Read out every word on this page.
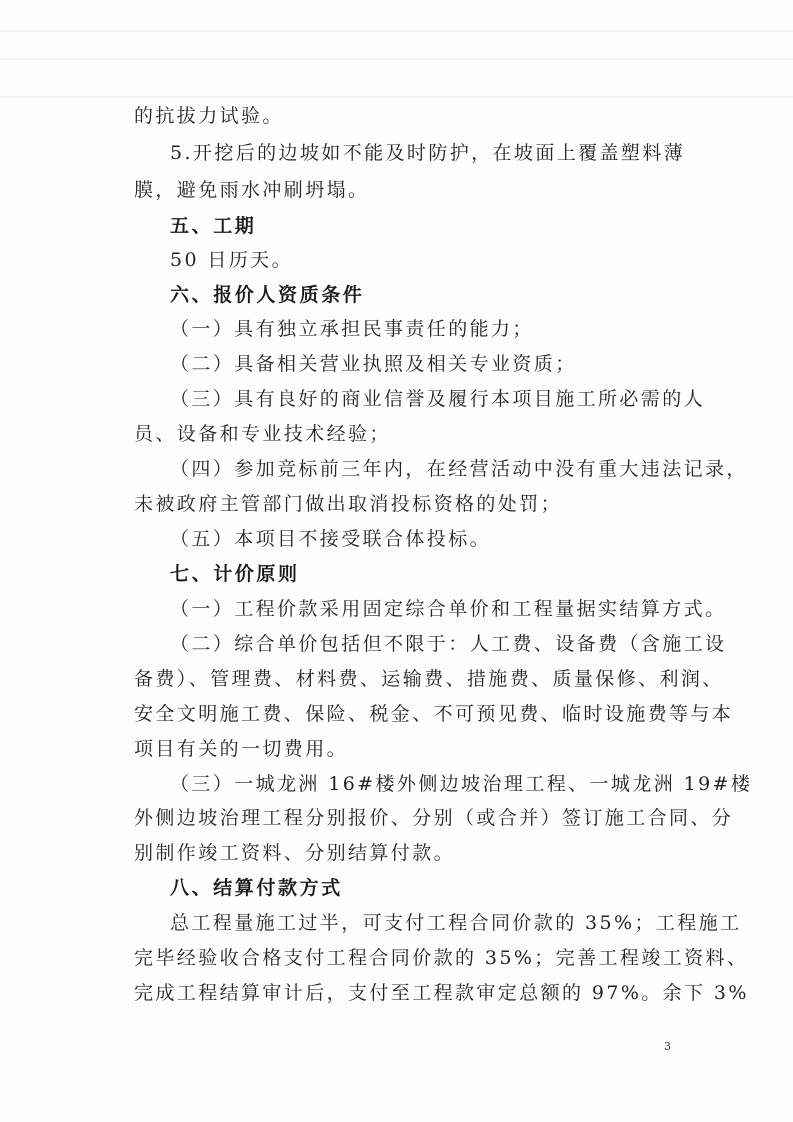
的抗拔力试验。
5.开挖后的边坡如不能及时防护，在坡面上覆盖塑料薄
膜，避免雨水冲刷坍塌。
五、工期
50 日历天。
六、报价人资质条件
（一）具有独立承担民事责任的能力；
（二）具备相关营业执照及相关专业资质；
（三）具有良好的商业信誉及履行本项目施工所必需的人
员、设备和专业技术经验；
（四）参加竞标前三年内，在经营活动中没有重大违法记录，
未被政府主管部门做出取消投标资格的处罚；
（五）本项目不接受联合体投标。
七、计价原则
（一）工程价款采用固定综合单价和工程量据实结算方式。
（二）综合单价包括但不限于：人工费、设备费（含施工设
备费）、管理费、材料费、运输费、措施费、质量保修、利润、
安全文明施工费、保险、税金、不可预见费、临时设施费等与本
项目有关的一切费用。
（三）一城龙洲 16#楼外侧边坡治理工程、一城龙洲 19#楼
外侧边坡治理工程分别报价、分别（或合并）签订施工合同、分
别制作竣工资料、分别结算付款。
八、结算付款方式
总工程量施工过半，可支付工程合同价款的 35%；工程施工
完毕经验收合格支付工程合同价款的 35%；完善工程竣工资料、
完成工程结算审计后，支付至工程款审定总额的 97%。余下 3%
3
